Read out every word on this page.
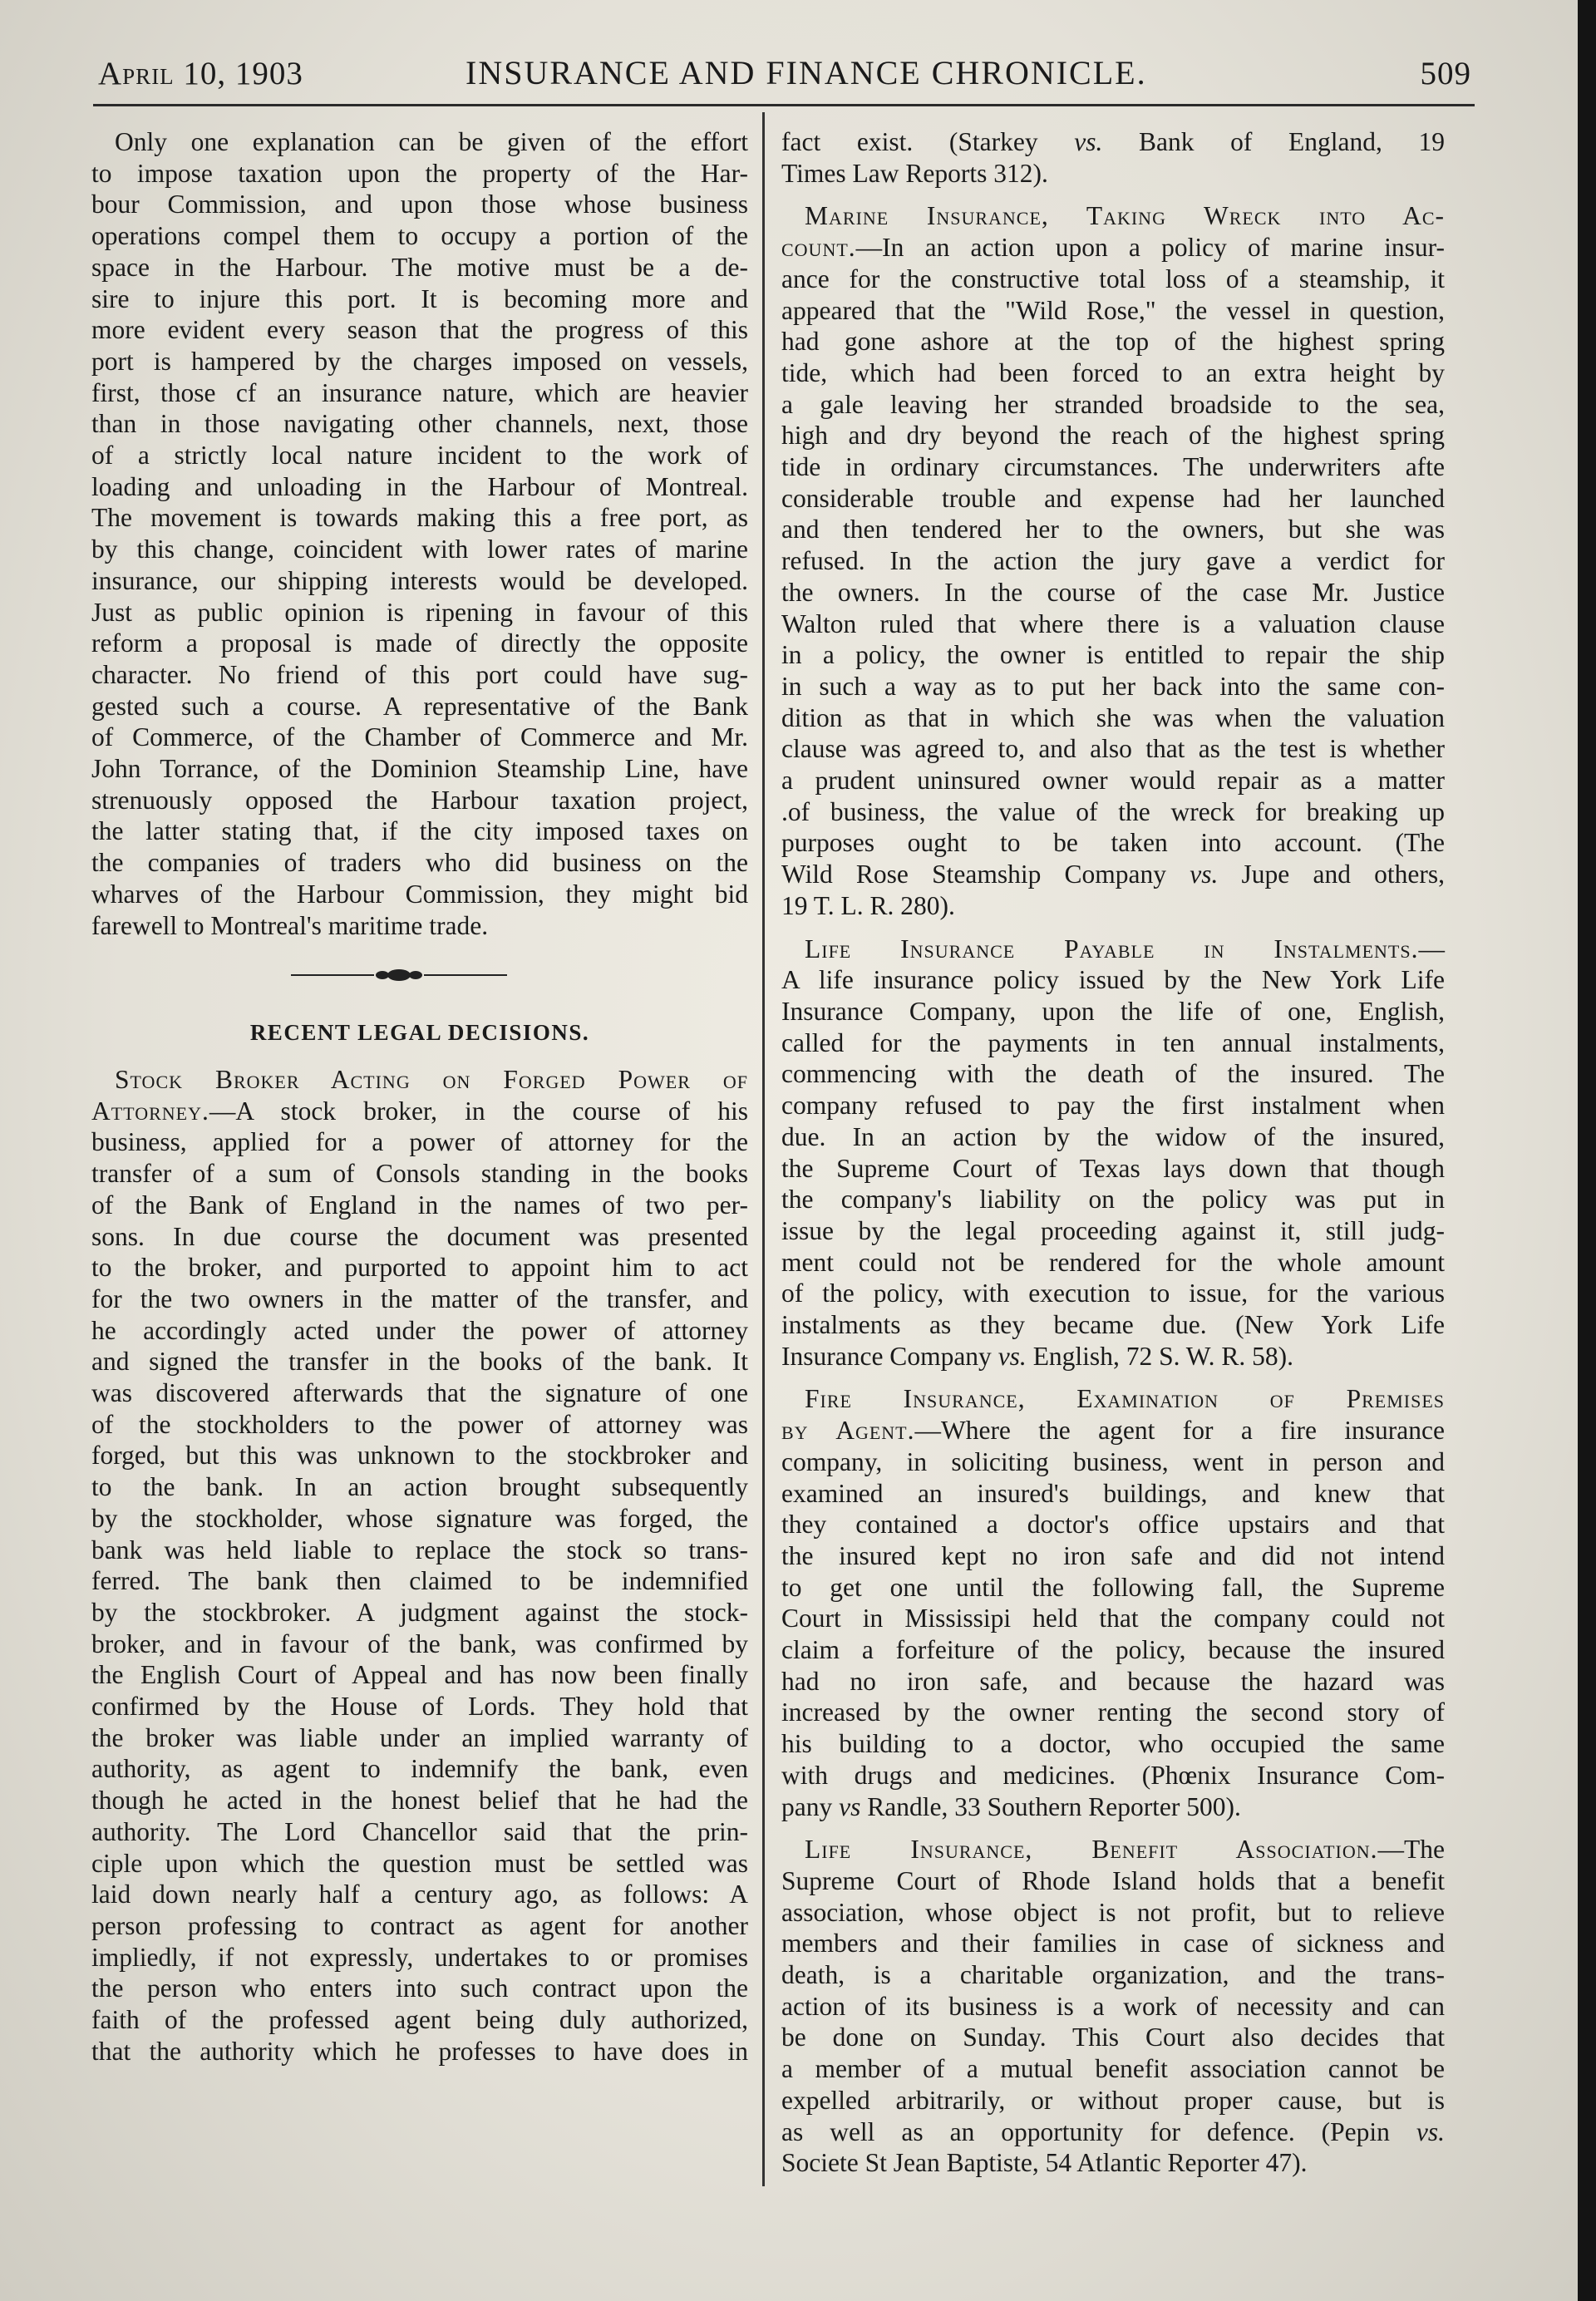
April 10, 1903	INSURANCE AND FINANCE CHRONICLE.	509
Only one explanation can be given of the effort
to impose taxation upon the property of the Har-
bour Commission, and upon those whose business
operations compel them to occupy a portion of the
space in the Harbour. The motive must be a de-
sire to injure this port. It is becoming more and
more evident every season that the progress of this
port is hampered by the charges imposed on vessels,
first, those cf an insurance nature, which are heavier
than in those navigating other channels, next, those
of a strictly local nature incident to the work of
loading and unloading in the Harbour of Montreal.
The movement is towards making this a free port, as
by this change, coincident with lower rates of marine
insurance, our shipping interests would be developed.
Just as public opinion is ripening in favour of this
reform a proposal is made of directly the opposite
character. No friend of this port could have sug-
gested such a course. A representative of the Bank
of Commerce, of the Chamber of Commerce and Mr.
John Torrance, of the Dominion Steamship Line, have
strenuously opposed the Harbour taxation project,
the latter stating that, if the city imposed taxes on
the companies of traders who did business on the
wharves of the Harbour Commission, they might bid
farewell to Montreal's maritime trade.
RECENT LEGAL DECISIONS.
Stock Broker Acting on Forged Power of
Attorney.—A stock broker, in the course of his
business, applied for a power of attorney for the
transfer of a sum of Consols standing in the books
of the Bank of England in the names of two per-
sons. In due course the document was presented
to the broker, and purported to appoint him to act
for the two owners in the matter of the transfer, and
he accordingly acted under the power of attorney
and signed the transfer in the books of the bank. It
was discovered afterwards that the signature of one
of the stockholders to the power of attorney was
forged, but this was unknown to the stockbroker and
to the bank. In an action brought subsequently
by the stockholder, whose signature was forged, the
bank was held liable to replace the stock so trans-
ferred. The bank then claimed to be indemnified
by the stockbroker. A judgment against the stock-
broker, and in favour of the bank, was confirmed by
the English Court of Appeal and has now been finally
confirmed by the House of Lords. They hold that
the broker was liable under an implied warranty of
authority, as agent to indemnify the bank, even
though he acted in the honest belief that he had the
authority. The Lord Chancellor said that the prin-
ciple upon which the question must be settled was
laid down nearly half a century ago, as follows: A
person professing to contract as agent for another
impliedly, if not expressly, undertakes to or promises
the person who enters into such contract upon the
faith of the professed agent being duly authorized,
that the authority which he professes to have does in
fact exist. (Starkey vs. Bank of England, 19
Times Law Reports 312).
Marine Insurance, Taking Wreck into Ac-
count.—In an action upon a policy of marine insur-
ance for the constructive total loss of a steamship, it
appeared that the "Wild Rose," the vessel in question,
had gone ashore at the top of the highest spring
tide, which had been forced to an extra height by
a gale leaving her stranded broadside to the sea,
high and dry beyond the reach of the highest spring
tide in ordinary circumstances. The underwriters afte
considerable trouble and expense had her launched
and then tendered her to the owners, but she was
refused. In the action the jury gave a verdict for
the owners. In the course of the case Mr. Justice
Walton ruled that where there is a valuation clause
in a policy, the owner is entitled to repair the ship
in such a way as to put her back into the same con-
dition as that in which she was when the valuation
clause was agreed to, and also that as the test is whether
a prudent uninsured owner would repair as a matter
.of business, the value of the wreck for breaking up
purposes ought to be taken into account. (The
Wild Rose Steamship Company vs. Jupe and others,
19 T. L. R. 280).
Life Insurance Payable in Instalments.—
A life insurance policy issued by the New York Life
Insurance Company, upon the life of one, English,
called for the payments in ten annual instalments,
commencing with the death of the insured. The
company refused to pay the first instalment when
due. In an action by the widow of the insured,
the Supreme Court of Texas lays down that though
the company's liability on the policy was put in
issue by the legal proceeding against it, still judg-
ment could not be rendered for the whole amount
of the policy, with execution to issue, for the various
instalments as they became due. (New York Life
Insurance Company vs. English, 72 S. W. R. 58).
Fire Insurance, Examination of Premises
by Agent.—Where the agent for a fire insurance
company, in soliciting business, went in person and
examined an insured's buildings, and knew that
they contained a doctor's office upstairs and that
the insured kept no iron safe and did not intend
to get one until the following fall, the Supreme
Court in Mississipi held that the company could not
claim a forfeiture of the policy, because the insured
had no iron safe, and because the hazard was
increased by the owner renting the second story of
his building to a doctor, who occupied the same
with drugs and medicines. (Phœnix Insurance Com-
pany vs Randle, 33 Southern Reporter 500).
Life Insurance, Benefit Association.—The
Supreme Court of Rhode Island holds that a benefit
association, whose object is not profit, but to relieve
members and their families in case of sickness and
death, is a charitable organization, and the trans-
action of its business is a work of necessity and can
be done on Sunday. This Court also decides that
a member of a mutual benefit association cannot be
expelled arbitrarily, or without proper cause, but is
as well as an opportunity for defence. (Pepin vs.
Societe St Jean Baptiste, 54 Atlantic Reporter 47).
